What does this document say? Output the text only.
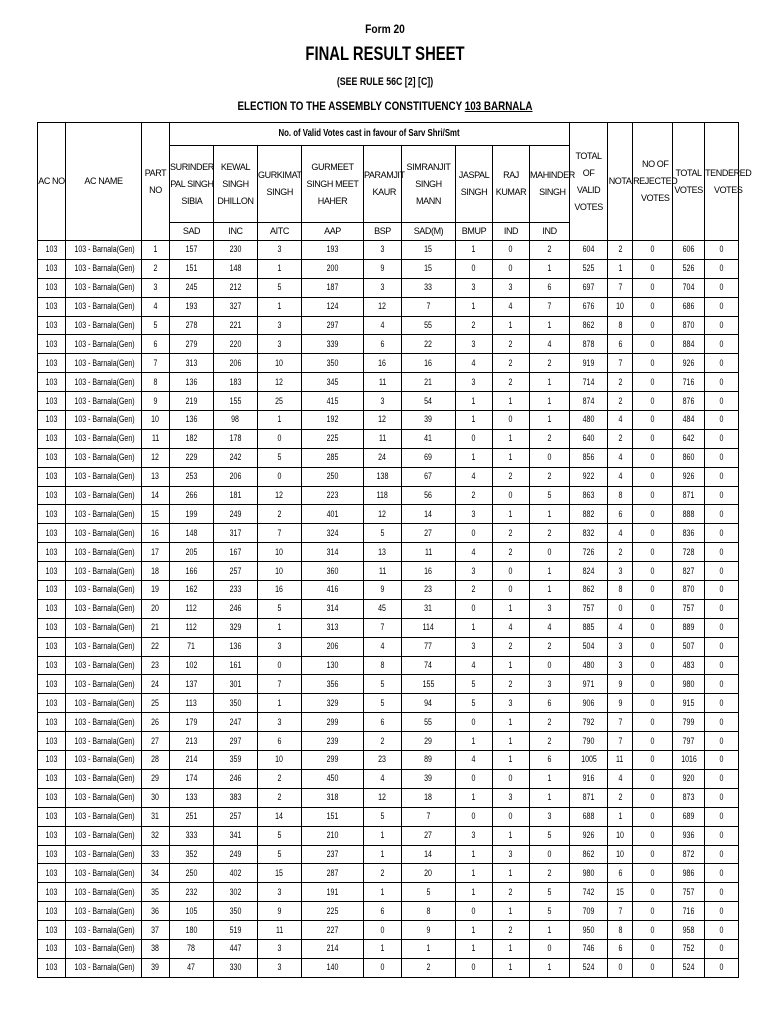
Form 20
FINAL RESULT SHEET
(SEE RULE 56C [2] [C])
ELECTION TO THE ASSEMBLY CONSTITUENCY 103 BARNALA
AC NO	AC NAME	PART NO	No. of Valid Votes cast in favour of Sarv Shri/Smt									TOTAL OF VALID VOTES	NOTA	NO OF REJECTED VOTES	TOTAL VOTES	TENDERED VOTES
			SURINDER PAL SINGH SIBIA	KEWAL SINGH DHILLON	GURKIMAT SINGH	GURMEET SINGH MEET HAHER	PARAMJIT KAUR	SIMRANJIT SINGH MANN	JASPAL SINGH	RAJ KUMAR	MAHINDER SINGH					
			SAD	INC	AITC	AAP	BSP	SAD(M)	BMUP	IND	IND					
103	103 - Barnala(Gen)	1	157	230	3	193	3	15	1	0	2	604	2	0	606	0
103	103 - Barnala(Gen)	2	151	148	1	200	9	15	0	0	1	525	1	0	526	0
103	103 - Barnala(Gen)	3	245	212	5	187	3	33	3	3	6	697	7	0	704	0
103	103 - Barnala(Gen)	4	193	327	1	124	12	7	1	4	7	676	10	0	686	0
103	103 - Barnala(Gen)	5	278	221	3	297	4	55	2	1	1	862	8	0	870	0
103	103 - Barnala(Gen)	6	279	220	3	339	6	22	3	2	4	878	6	0	884	0
103	103 - Barnala(Gen)	7	313	206	10	350	16	16	4	2	2	919	7	0	926	0
103	103 - Barnala(Gen)	8	136	183	12	345	11	21	3	2	1	714	2	0	716	0
103	103 - Barnala(Gen)	9	219	155	25	415	3	54	1	1	1	874	2	0	876	0
103	103 - Barnala(Gen)	10	136	98	1	192	12	39	1	0	1	480	4	0	484	0
103	103 - Barnala(Gen)	11	182	178	0	225	11	41	0	1	2	640	2	0	642	0
103	103 - Barnala(Gen)	12	229	242	5	285	24	69	1	1	0	856	4	0	860	0
103	103 - Barnala(Gen)	13	253	206	0	250	138	67	4	2	2	922	4	0	926	0
103	103 - Barnala(Gen)	14	266	181	12	223	118	56	2	0	5	863	8	0	871	0
103	103 - Barnala(Gen)	15	199	249	2	401	12	14	3	1	1	882	6	0	888	0
103	103 - Barnala(Gen)	16	148	317	7	324	5	27	0	2	2	832	4	0	836	0
103	103 - Barnala(Gen)	17	205	167	10	314	13	11	4	2	0	726	2	0	728	0
103	103 - Barnala(Gen)	18	166	257	10	360	11	16	3	0	1	824	3	0	827	0
103	103 - Barnala(Gen)	19	162	233	16	416	9	23	2	0	1	862	8	0	870	0
103	103 - Barnala(Gen)	20	112	246	5	314	45	31	0	1	3	757	0	0	757	0
103	103 - Barnala(Gen)	21	112	329	1	313	7	114	1	4	4	885	4	0	889	0
103	103 - Barnala(Gen)	22	71	136	3	206	4	77	3	2	2	504	3	0	507	0
103	103 - Barnala(Gen)	23	102	161	0	130	8	74	4	1	0	480	3	0	483	0
103	103 - Barnala(Gen)	24	137	301	7	356	5	155	5	2	3	971	9	0	980	0
103	103 - Barnala(Gen)	25	113	350	1	329	5	94	5	3	6	906	9	0	915	0
103	103 - Barnala(Gen)	26	179	247	3	299	6	55	0	1	2	792	7	0	799	0
103	103 - Barnala(Gen)	27	213	297	6	239	2	29	1	1	2	790	7	0	797	0
103	103 - Barnala(Gen)	28	214	359	10	299	23	89	4	1	6	1005	11	0	1016	0
103	103 - Barnala(Gen)	29	174	246	2	450	4	39	0	0	1	916	4	0	920	0
103	103 - Barnala(Gen)	30	133	383	2	318	12	18	1	3	1	871	2	0	873	0
103	103 - Barnala(Gen)	31	251	257	14	151	5	7	0	0	3	688	1	0	689	0
103	103 - Barnala(Gen)	32	333	341	5	210	1	27	3	1	5	926	10	0	936	0
103	103 - Barnala(Gen)	33	352	249	5	237	1	14	1	3	0	862	10	0	872	0
103	103 - Barnala(Gen)	34	250	402	15	287	2	20	1	1	2	980	6	0	986	0
103	103 - Barnala(Gen)	35	232	302	3	191	1	5	1	2	5	742	15	0	757	0
103	103 - Barnala(Gen)	36	105	350	9	225	6	8	0	1	5	709	7	0	716	0
103	103 - Barnala(Gen)	37	180	519	11	227	0	9	1	2	1	950	8	0	958	0
103	103 - Barnala(Gen)	38	78	447	3	214	1	1	1	1	0	746	6	0	752	0
103	103 - Barnala(Gen)	39	47	330	3	140	0	2	0	1	1	524	0	0	524	0
